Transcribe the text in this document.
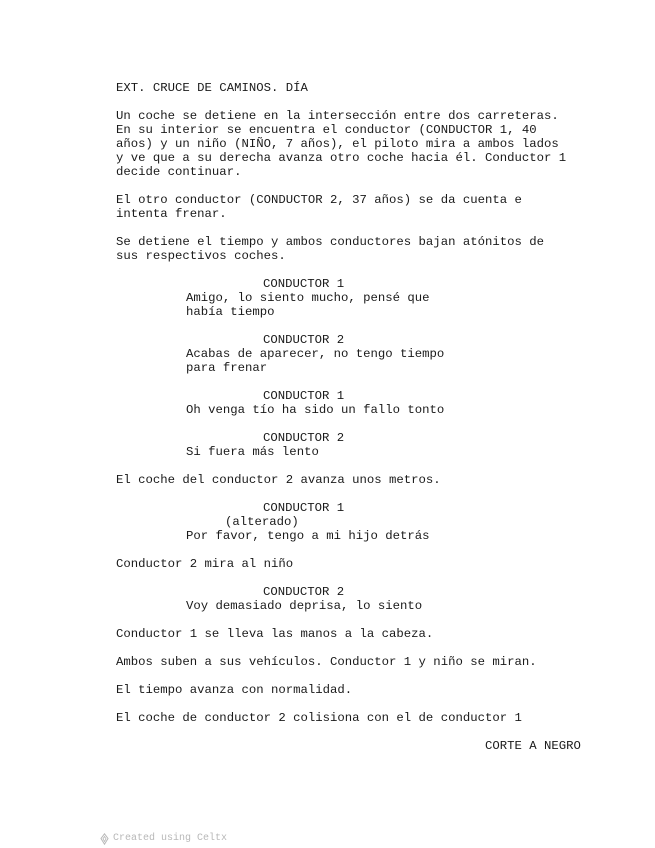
EXT. CRUCE DE CAMINOS. DÍA
Un coche se detiene en la intersección entre dos carreteras.
En su interior se encuentra el conductor (CONDUCTOR 1, 40
años) y un niño (NIÑO, 7 años), el piloto mira a ambos lados
y ve que a su derecha avanza otro coche hacia él. Conductor 1
decide continuar.
El otro conductor (CONDUCTOR 2, 37 años) se da cuenta e
intenta frenar.
Se detiene el tiempo y ambos conductores bajan atónitos de
sus respectivos coches.
CONDUCTOR 1
Amigo, lo siento mucho, pensé que
había tiempo
CONDUCTOR 2
Acabas de aparecer, no tengo tiempo
para frenar
CONDUCTOR 1
Oh venga tío ha sido un fallo tonto
CONDUCTOR 2
Si fuera más lento
El coche del conductor 2 avanza unos metros.
CONDUCTOR 1
(alterado)
Por favor, tengo a mi hijo detrás
Conductor 2 mira al niño
CONDUCTOR 2
Voy demasiado deprisa, lo siento
Conductor 1 se lleva las manos a la cabeza.
Ambos suben a sus vehículos. Conductor 1 y niño se miran.
El tiempo avanza con normalidad.
El coche de conductor 2 colisiona con el de conductor 1
CORTE A NEGRO
Created using Celtx
